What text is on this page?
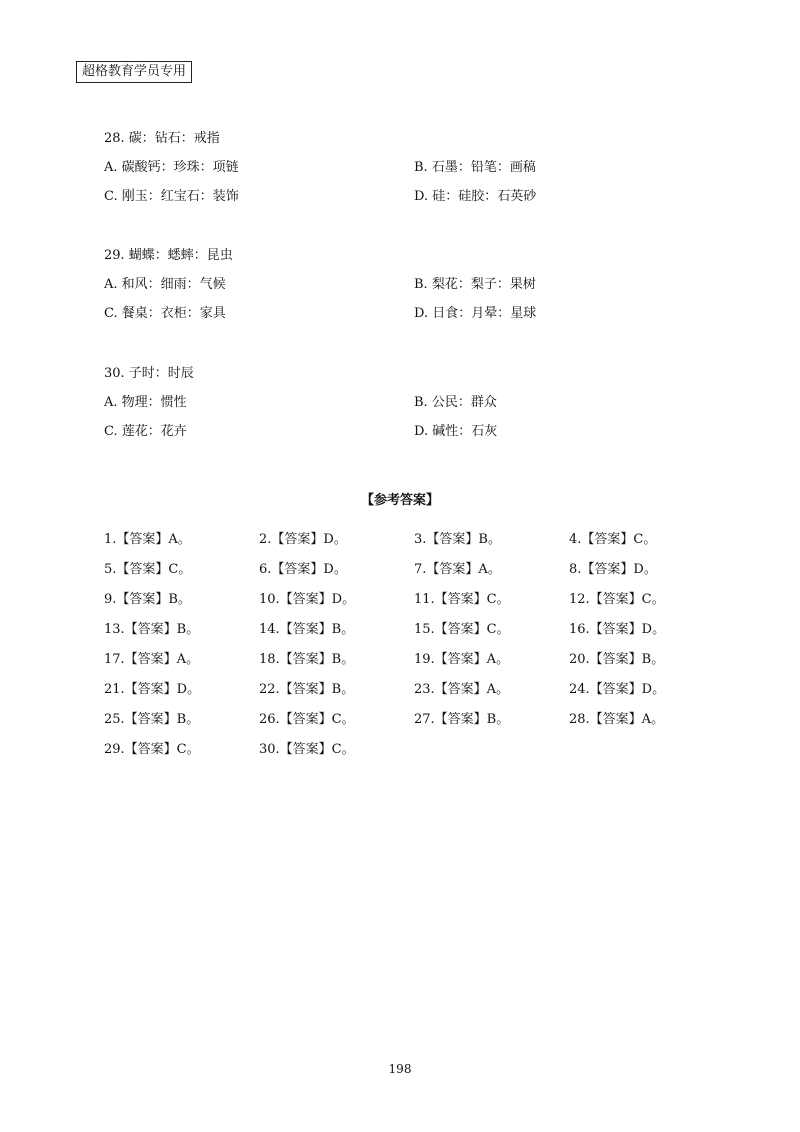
超格教育学员专用
28. 碳：钻石：戒指
A. 碳酸钙：珍珠：项链	B. 石墨：铅笔：画稿
C. 刚玉：红宝石：装饰	D. 硅：硅胶：石英砂
29. 蝴蝶：蟋蟀：昆虫
A. 和风：细雨：气候	B. 梨花：梨子：果树
C. 餐桌：衣柜：家具	D. 日食：月晕：星球
30. 子时：时辰
A. 物理：惯性	B. 公民：群众
C. 莲花：花卉	D. 碱性：石灰
【参考答案】
1.【答案】A。	2.【答案】D。	3.【答案】B。	4.【答案】C。
5.【答案】C。	6.【答案】D。	7.【答案】A。	8.【答案】D。
9.【答案】B。	10.【答案】D。	11.【答案】C。	12.【答案】C。
13.【答案】B。	14.【答案】B。	15.【答案】C。	16.【答案】D。
17.【答案】A。	18.【答案】B。	19.【答案】A。	20.【答案】B。
21.【答案】D。	22.【答案】B。	23.【答案】A。	24.【答案】D。
25.【答案】B。	26.【答案】C。	27.【答案】B。	28.【答案】A。
29.【答案】C。	30.【答案】C。
198
